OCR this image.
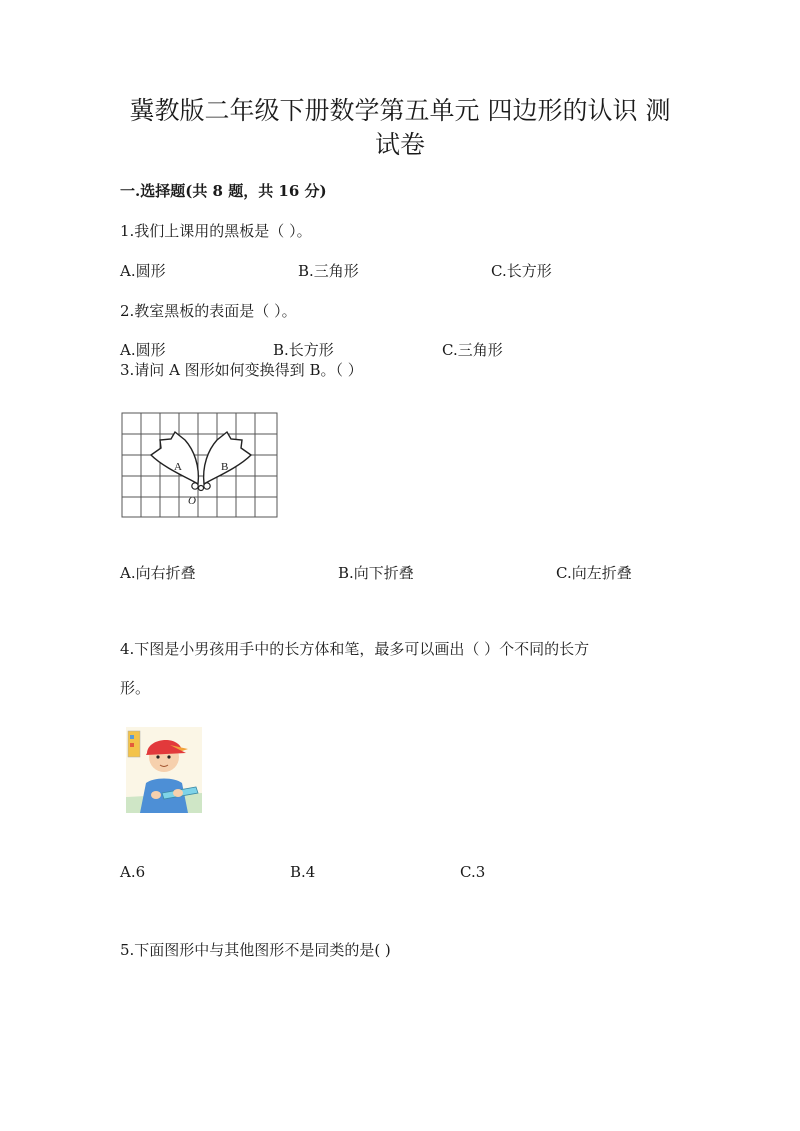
冀教版二年级下册数学第五单元 四边形的认识 测
试卷
一.选择题(共 8 题，共 16 分)
1.我们上课用的黑板是（ ）。
A.圆形	B.三角形	C.长方形
2.教室黑板的表面是（ ）。
A.圆形	B.长方形	C.三角形
3.请问 A 图形如何变换得到 B。（ ）
A	B
O
A.向右折叠	B.向下折叠	C.向左折叠
4.下图是小男孩用手中的长方体和笔，最多可以画出（ ）个不同的长方
形。
A.6	B.4	C.3
5.下面图形中与其他图形不是同类的是( )
